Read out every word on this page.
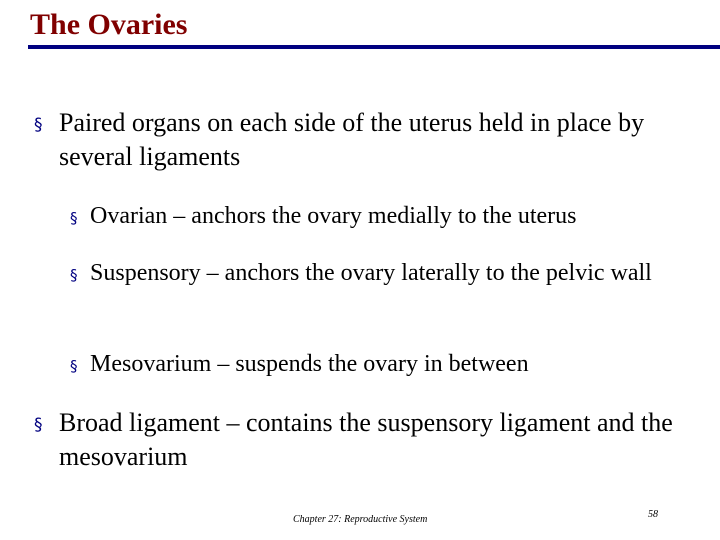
The Ovaries
§ Paired organs on each side of the uterus held in place by several ligaments
§ Ovarian – anchors the ovary medially to the uterus
§ Suspensory – anchors the ovary laterally to the pelvic wall
§ Mesovarium – suspends the ovary in between
§ Broad ligament – contains the suspensory ligament and the mesovarium
Chapter 27: Reproductive System	58
